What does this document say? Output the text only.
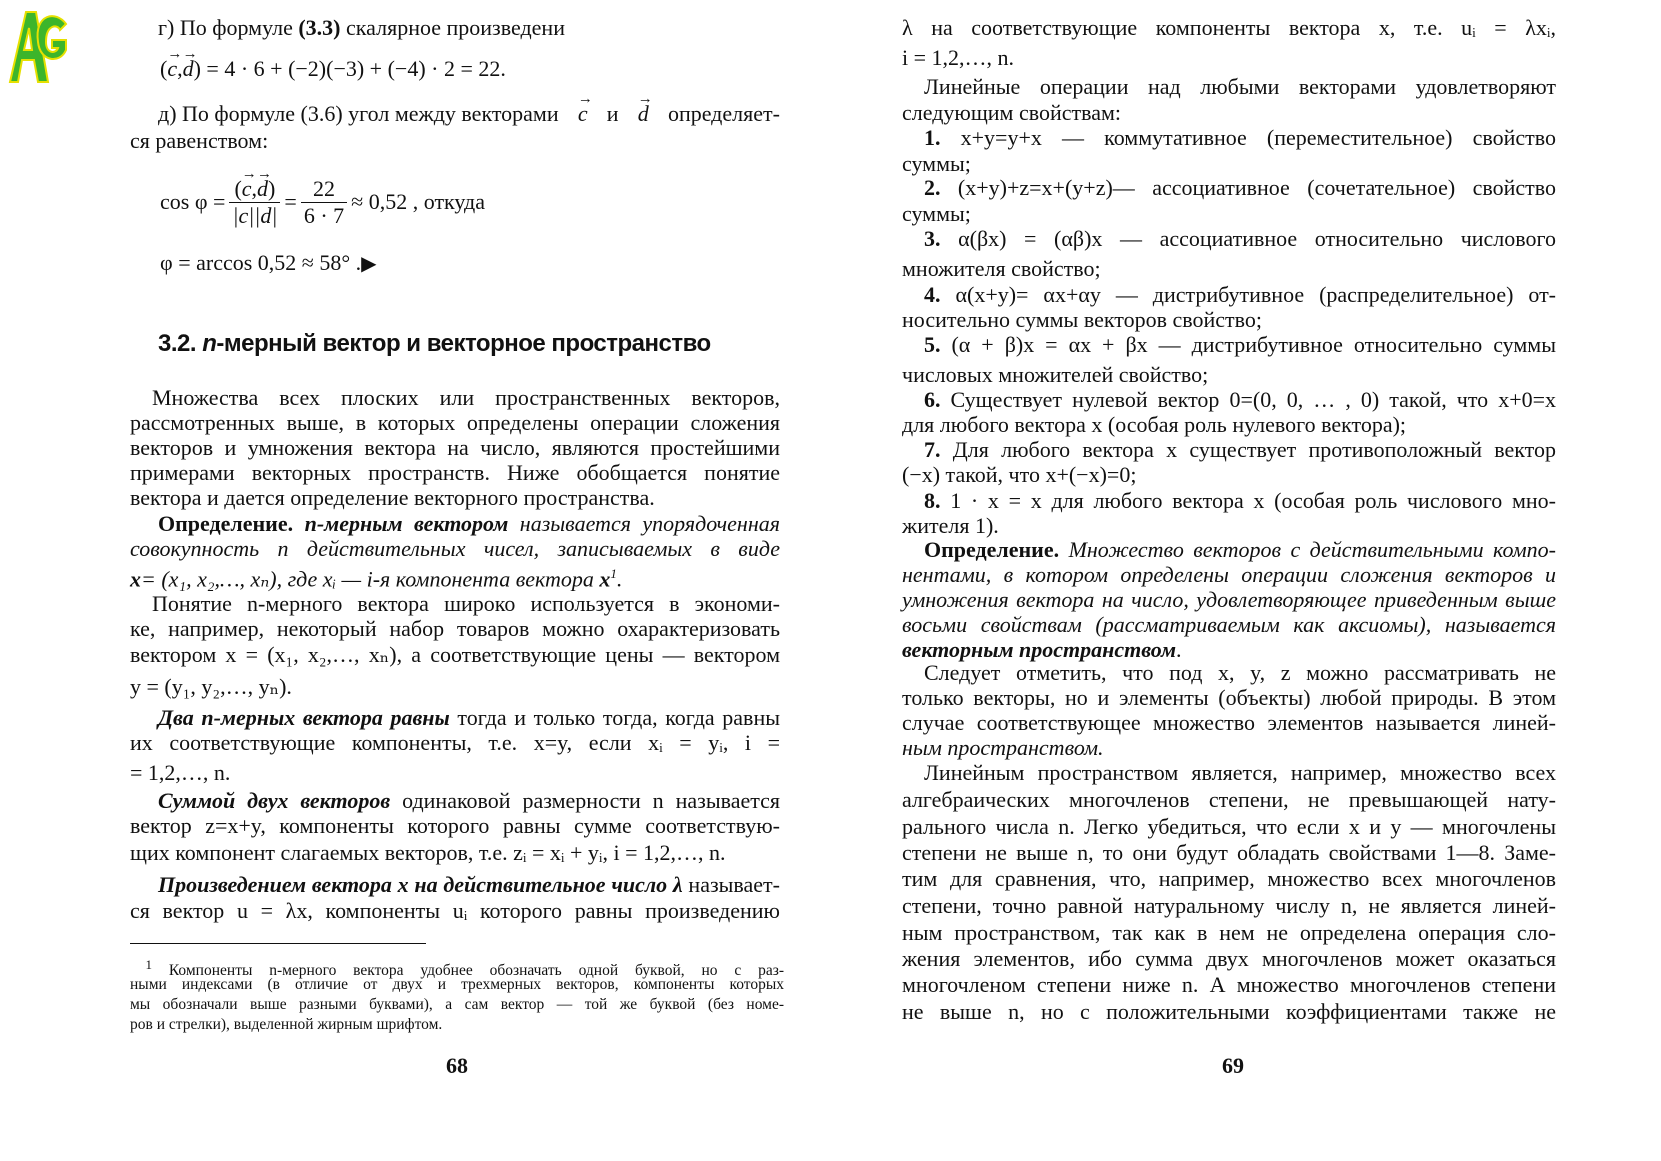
г) По формуле (3.3) скалярное произведени
(→ c,→ d) = 4 · 6 + (−2)(−3) + (−4) · 2 = 22.
д) По формуле (3.6) угол между векторами → c и → d определяет-
ся равенством:
$\cos \varphi = \frac{(\to c,\to d)}{|c||d|} = \frac{22}{6 \cdot 7} \approx 0,52$ , откуда
φ = arccos 0,52 ≈ 58° .▶
3.2. n-мерный вектор и векторное пространство
 Множества всех плоских или пространственных векторов,
рассмотренных выше, в которых определены операции сложения
векторов и умножения вектора на число, являются простейшими
примерами векторных пространств. Ниже обобщается понятие
вектора и дается определение векторного пространства.
Определение. n-мерным вектором называется упорядоченная
совокупность n действительных чисел, записываемых в виде
x= (x₁, x₂,…, xₙ), где xᵢ — i-я компонента вектора $x^1$.
 Понятие n-мерного вектора широко используется в экономи-
ке, например, некоторый набор товаров можно охарактеризовать
вектором x = (x₁, x₂,…, xₙ), а соответствующие цены — вектором
y = (y₁, y₂,…, yₙ).
Два n-мерных вектора равны тогда и только тогда, когда равны
их соответствующие компоненты, т.е. x=y, если xᵢ = yᵢ, i =
= 1,2,…, n.
Суммой двух векторов одинаковой размерности n называется
вектор z=x+y, компоненты которого равны сумме соответствую-
щих компонент слагаемых векторов, т.е. zᵢ = xᵢ + yᵢ, i = 1,2,…, n.
Произведением вектора x на действительное число λ называет-
ся вектор u = λx, компоненты uᵢ которого равны произведению
 $^1$ Компоненты n-мерного вектора удобнее обозначать одной буквой, но с раз-
ными индексами (в отличие от двух и трехмерных векторов, компоненты которых
мы обозначали выше разными буквами), а сам вектор — той же буквой (без номе-
ров и стрелки), выделенной жирным шрифтом.
68
λ на соответствующие компоненты вектора x, т.е. uᵢ = λxᵢ,
i = 1,2,…, n.
 Линейные операции над любыми векторами удовлетворяют
следующим свойствам:
 1. x+y=y+x — коммутативное (переместительное) свойство
суммы;
 2. (x+y)+z=x+(y+z)— ассоциативное (сочетательное) свойство
суммы;
 3. α(βx) = (αβ)x — ассоциативное относительно числового
множителя свойство;
 4. α(x+y)= αx+αy — дистрибутивное (распределительное) от-
носительно суммы векторов свойство;
 5. (α + β)x = αx + βx — дистрибутивное относительно суммы
числовых множителей свойство;
 6. Существует нулевой вектор 0=(0, 0, … , 0) такой, что x+0=x
для любого вектора x (особая роль нулевого вектора);
 7. Для любого вектора x существует противоположный вектор
(−x) такой, что x+(−x)=0;
 8. 1 · x = x для любого вектора x (особая роль числового мно-
жителя 1).
 Определение. Множество векторов с действительными компо-
нентами, в котором определены операции сложения векторов и
умножения вектора на число, удовлетворяющее приведенным выше
восьми свойствам (рассматриваемым как аксиомы), называется
векторным пространством.
 Следует отметить, что под x, y, z можно рассматривать не
только векторы, но и элементы (объекты) любой природы. В этом
случае соответствующее множество элементов называется линей-
ным пространством.
 Линейным пространством является, например, множество всех
алгебраических многочленов степени, не превышающей нату-
рального числа n. Легко убедиться, что если x и y — многочлены
степени не выше n, то они будут обладать свойствами 1—8. Заме-
тим для сравнения, что, например, множество всех многочленов
степени, точно равной натуральному числу n, не является линей-
ным пространством, так как в нем не определена операция сло-
жения элементов, ибо сумма двух многочленов может оказаться
многочленом степени ниже n. А множество многочленов степени
не выше n, но с положительными коэффициентами также не
69
